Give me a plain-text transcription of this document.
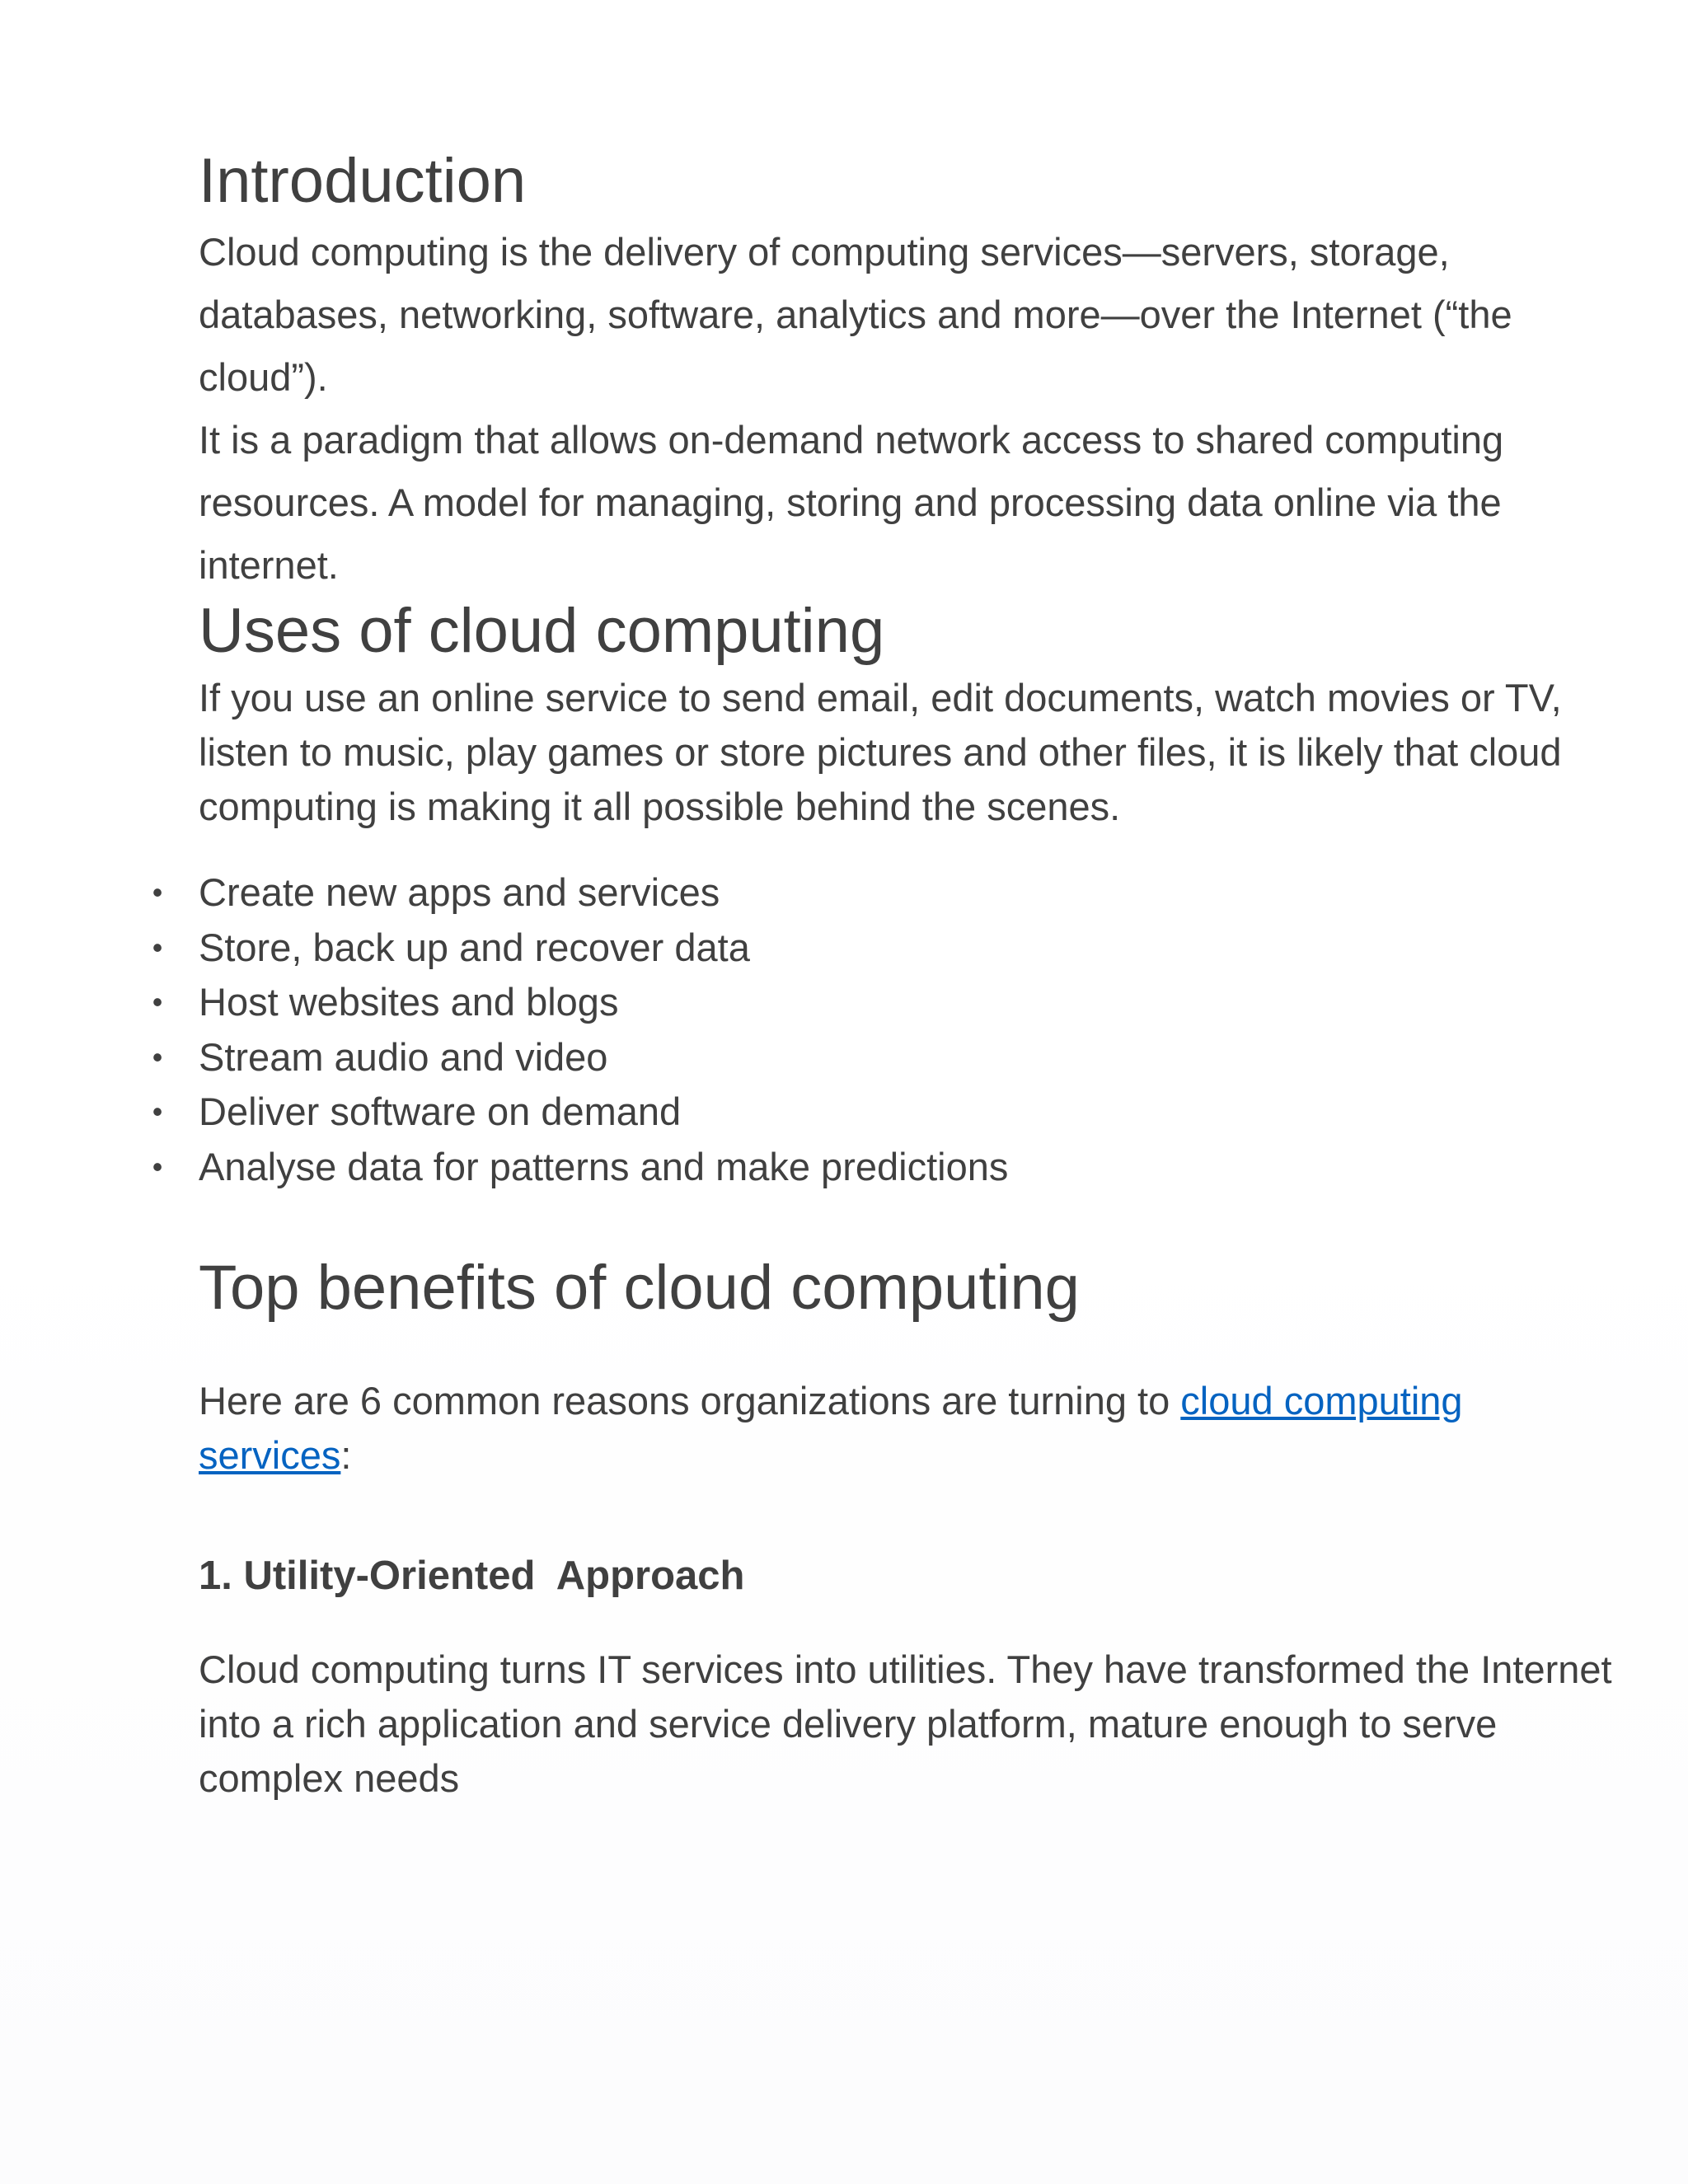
Introduction

Cloud computing is the delivery of computing services—servers, storage, databases, networking, software, analytics and more—over the Internet (“the cloud”).

It is a paradigm that allows on-demand network access to shared computing resources. A model for managing, storing and processing data online via the internet.

Uses of cloud computing

If you use an online service to send email, edit documents, watch movies or TV, listen to music, play games or store pictures and other files, it is likely that cloud computing is making it all possible behind the scenes.

• Create new apps and services
• Store, back up and recover data
• Host websites and blogs
• Stream audio and video
• Deliver software on demand
• Analyse data for patterns and make predictions
Top benefits of cloud computing

Here are 6 common reasons organizations are turning to cloud computing services:

1. Utility-Oriented  Approach

Cloud computing turns IT services into utilities. They have transformed the Internet into a rich application and service delivery platform, mature enough to serve complex needs
